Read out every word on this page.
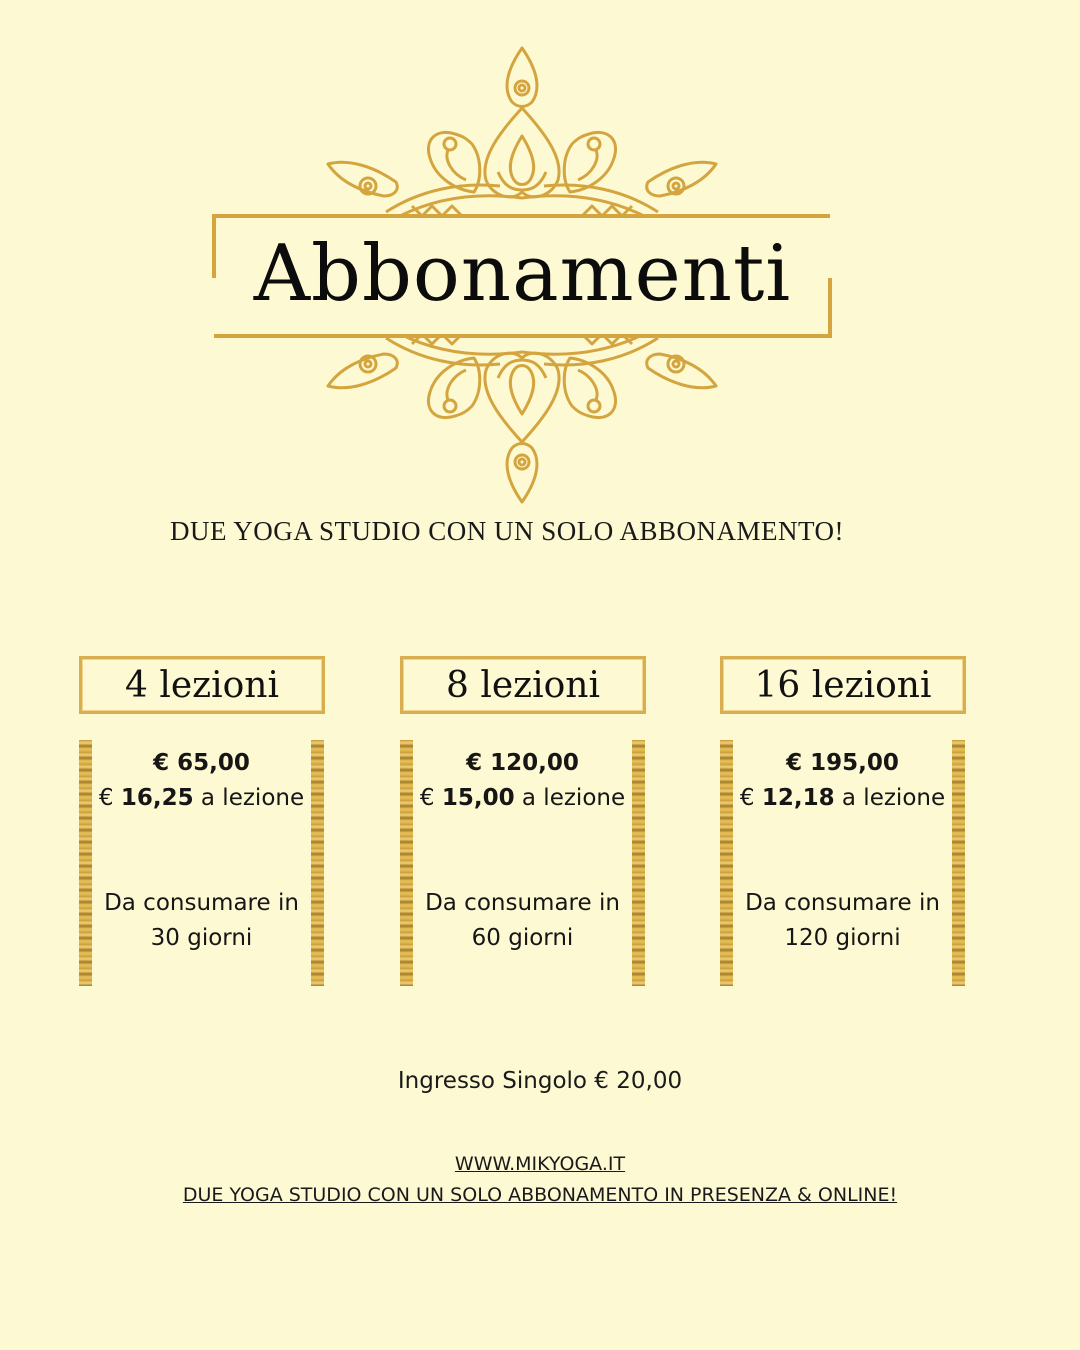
Abbonamenti
DUE YOGA STUDIO CON UN SOLO ABBONAMENTO!
4 lezioni
€ 65,00
€ 16,25 a lezione
Da consumare in
30 giorni
8 lezioni
€ 120,00
€ 15,00 a lezione
Da consumare in
60 giorni
16 lezioni
€ 195,00
€ 12,18 a lezione
Da consumare in
120 giorni
Ingresso Singolo € 20,00
WWW.MIKYOGA.IT
DUE YOGA STUDIO CON UN SOLO ABBONAMENTO IN PRESENZA & ONLINE!
